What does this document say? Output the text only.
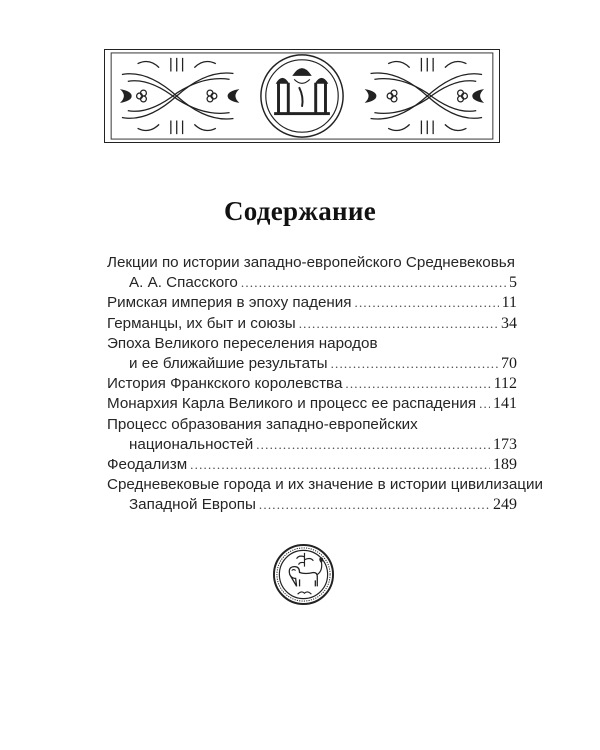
Содержание
Лекции по истории западно-европейского Средневековья
А. А. Спасского .....	5
Римская империя в эпоху падения .....	11
Германцы, их быт и союзы .....	34
Эпоха Великого переселения народов
и ее ближайшие результаты .....	70
История Франкского королевства .....	112
Монархия Карла Великого и процесс ее распадения ..... 141
Процесс образования западно-европейских
национальностей .....	173
Феодализм .....	189
Средневековые города и их значение в истории цивилизации
Западной Европы .....	249
